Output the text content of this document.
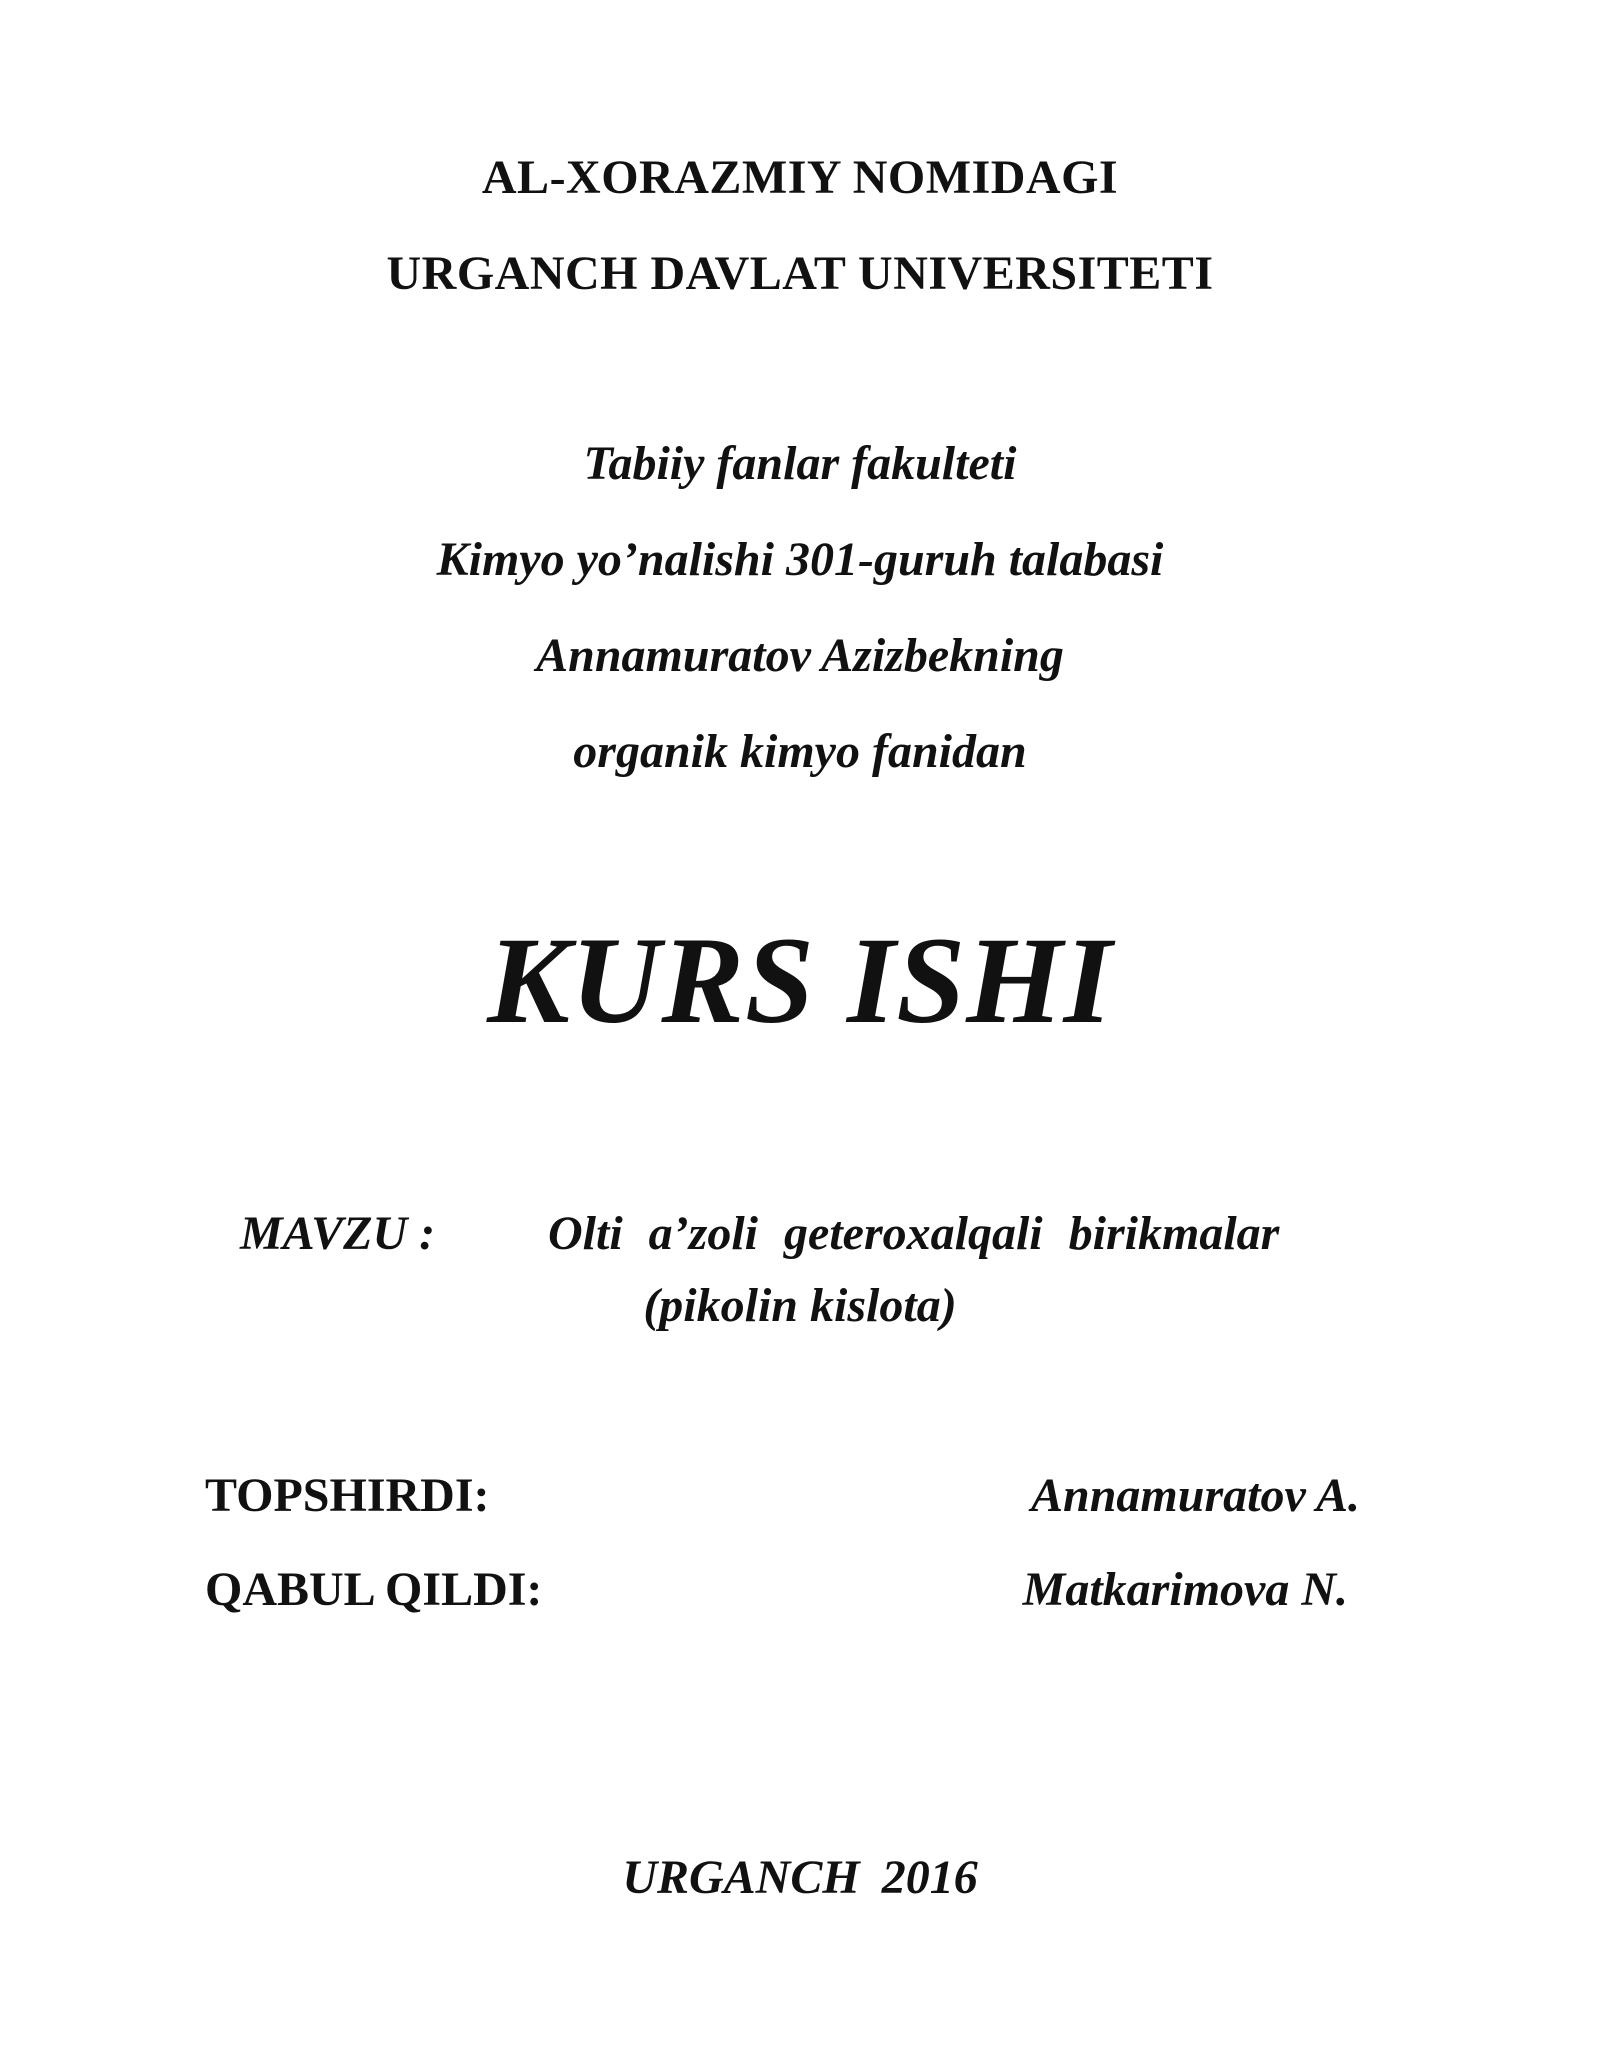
AL-XORAZMIY NOMIDAGI
URGANCH DAVLAT UNIVERSITETI
Tabiiy fanlar fakulteti
Kimyo yo’nalishi 301-guruh talabasi
Annamuratov Azizbekning
organik kimyo fanidan
KURS ISHI
MAVZU : Olti a’zoli geteroxalqali birikmalar
(pikolin kislota)
TOPSHIRDI:	Annamuratov A.
QABUL QILDI:	Matkarimova N.
URGANCH 2016
